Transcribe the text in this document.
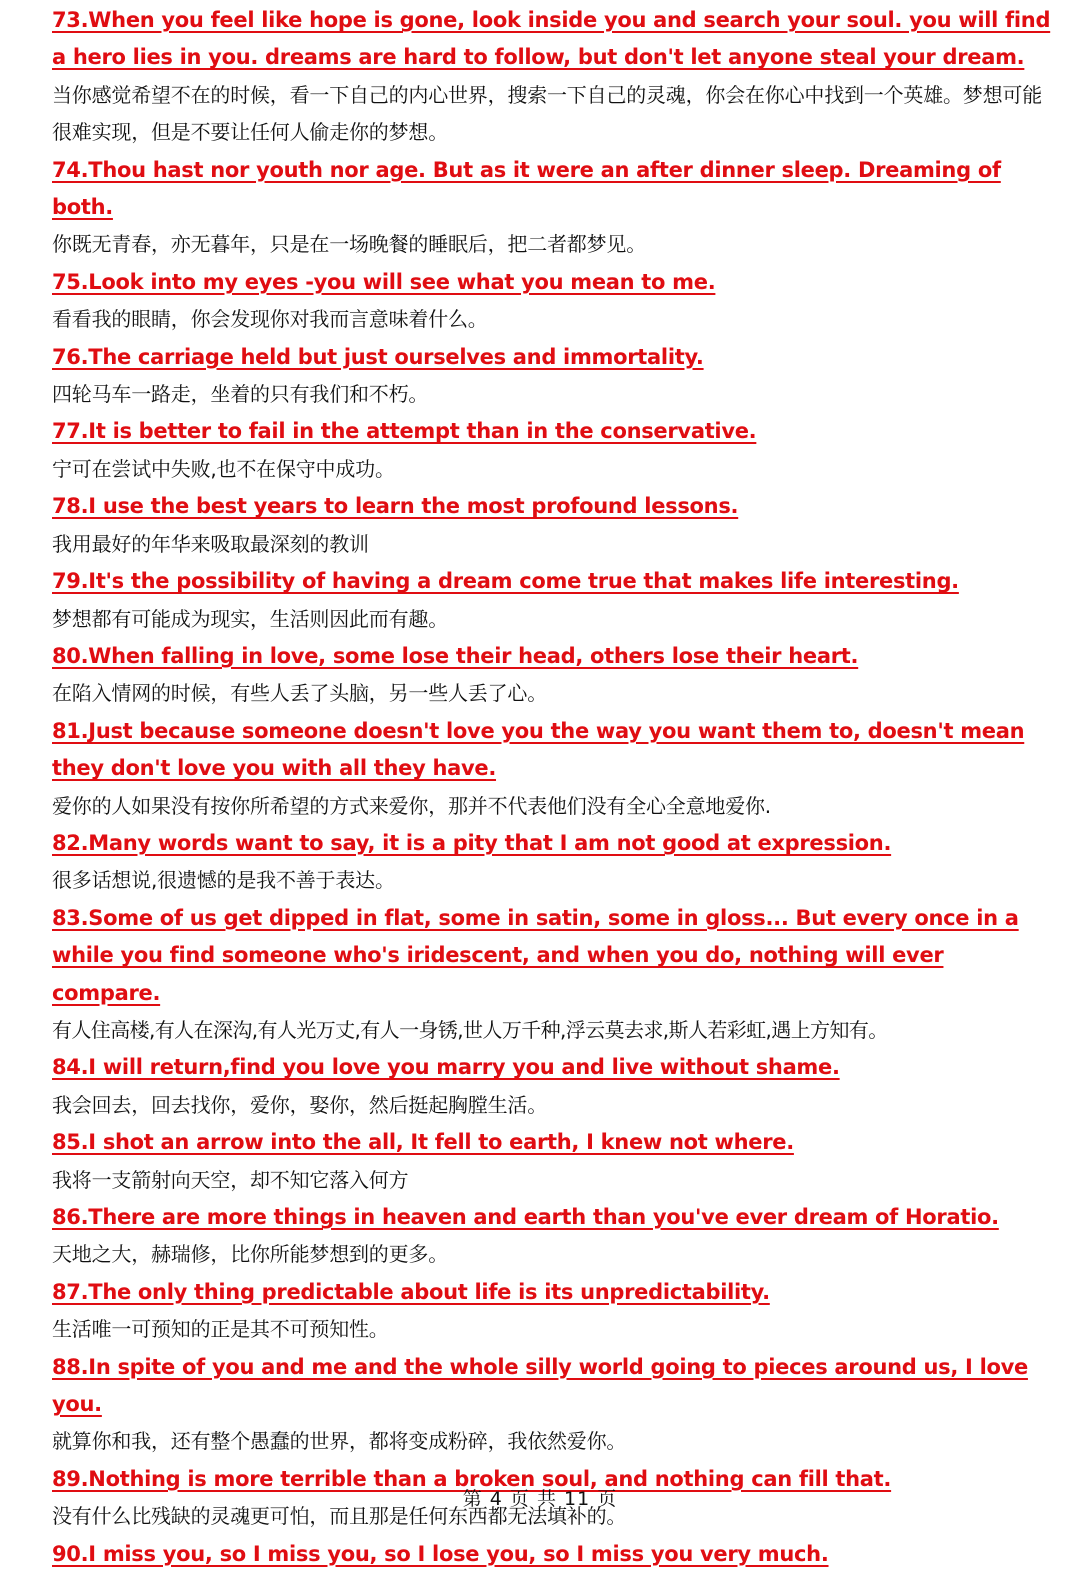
73.When you feel like hope is gone, look inside you and search your soul. you will find a hero lies in you. dreams are hard to follow, but don't let anyone steal your dream.
当你感觉希望不在的时候，看一下自己的内心世界，搜索一下自己的灵魂，你会在你心中找到一个英雄。梦想可能很难实现，但是不要让任何人偷走你的梦想。
74.Thou hast nor youth nor age. But as it were an after dinner sleep. Dreaming of both.
你既无青春，亦无暮年，只是在一场晚餐的睡眠后，把二者都梦见。
75.Look into my eyes -you will see what you mean to me.
看看我的眼睛，你会发现你对我而言意味着什么。
76.The carriage held but just ourselves and immortality.
四轮马车一路走，坐着的只有我们和不朽。
77.It is better to fail in the attempt than in the conservative.
宁可在尝试中失败,也不在保守中成功。
78.I use the best years to learn the most profound lessons.
我用最好的年华来吸取最深刻的教训
79.It's the possibility of having a dream come true that makes life interesting.
梦想都有可能成为现实，生活则因此而有趣。
80.When falling in love, some lose their head, others lose their heart.
在陷入情网的时候，有些人丢了头脑，另一些人丢了心。
81.Just because someone doesn't love you the way you want them to, doesn't mean they don't love you with all they have.
爱你的人如果没有按你所希望的方式来爱你，那并不代表他们没有全心全意地爱你.
82.Many words want to say, it is a pity that I am not good at expression.
很多话想说,很遗憾的是我不善于表达。
83.Some of us get dipped in flat, some in satin, some in gloss... But every once in a while you find someone who's iridescent, and when you do, nothing will ever compare.
有人住高楼,有人在深沟,有人光万丈,有人一身锈,世人万千种,浮云莫去求,斯人若彩虹,遇上方知有。
84.I will return,find you love you marry you and live without shame.
我会回去，回去找你，爱你，娶你，然后挺起胸膛生活。
85.I shot an arrow into the all, It fell to earth, I knew not where.
我将一支箭射向天空，却不知它落入何方
86.There are more things in heaven and earth than you've ever dream of Horatio.
天地之大，赫瑞修，比你所能梦想到的更多。
87.The only thing predictable about life is its unpredictability.
生活唯一可预知的正是其不可预知性。
88.In spite of you and me and the whole silly world going to pieces around us, I love you.
就算你和我，还有整个愚蠢的世界，都将变成粉碎，我依然爱你。
89.Nothing is more terrible than a broken soul, and nothing can fill that.
没有什么比残缺的灵魂更可怕，而且那是任何东西都无法填补的。
90.I miss you, so I miss you, so I lose you, so I miss you very much.
第 4 页 共 11 页
